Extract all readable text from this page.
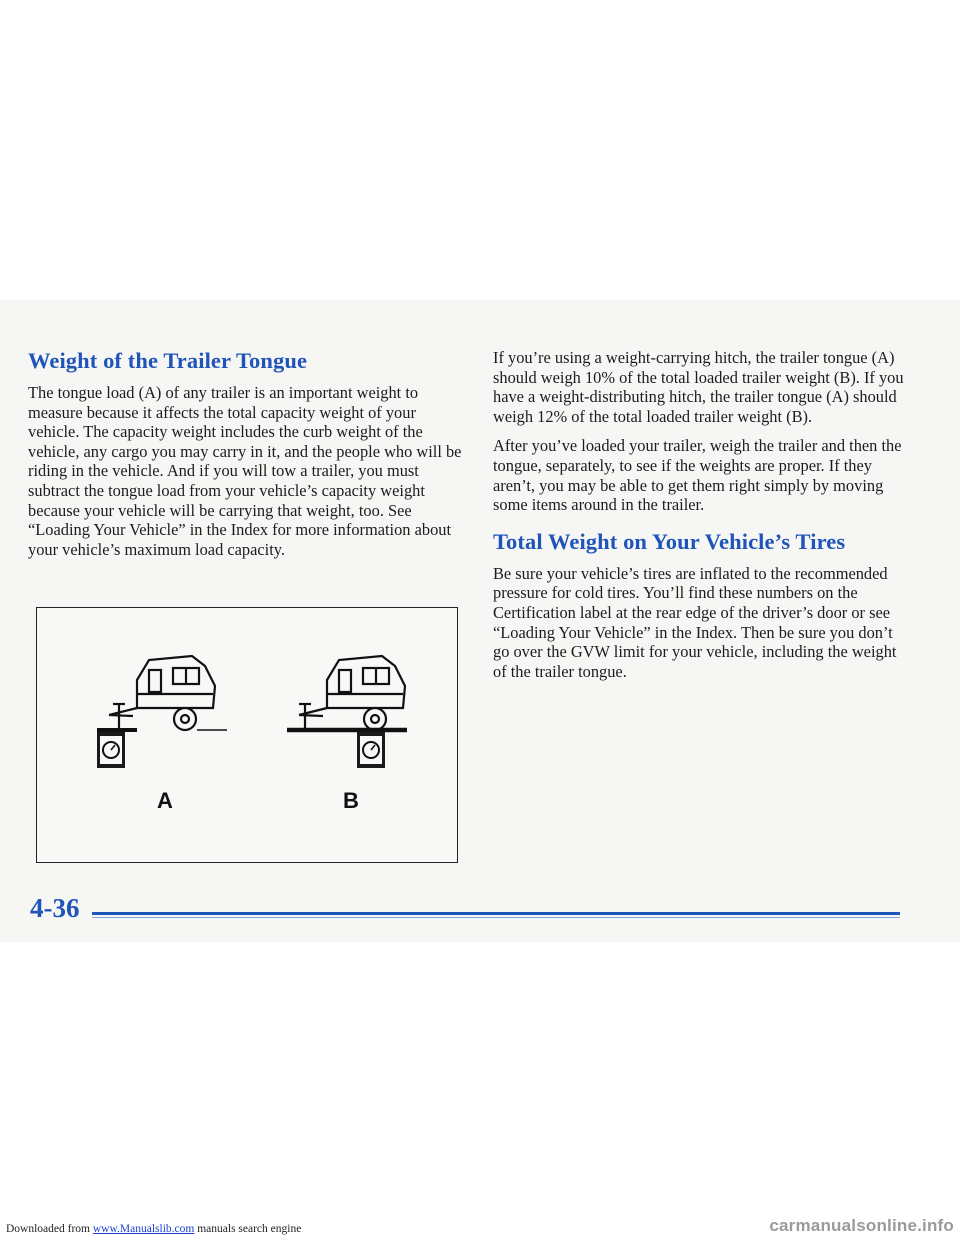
Weight of the Trailer Tongue

The tongue load (A) of any trailer is an important weight to measure because it affects the total capacity weight of your vehicle. The capacity weight includes the curb weight of the vehicle, any cargo you may carry in it, and the people who will be riding in the vehicle. And if you will tow a trailer, you must subtract the tongue load from your vehicle’s capacity weight because your vehicle will be carrying that weight, too. See “Loading Your Vehicle” in the Index for more information about your vehicle’s maximum load capacity.

A	B

If you’re using a weight-carrying hitch, the trailer tongue (A) should weigh 10% of the total loaded trailer weight (B). If you have a weight-distributing hitch, the trailer tongue (A) should weigh 12% of the total loaded trailer weight (B).

After you’ve loaded your trailer, weigh the trailer and then the tongue, separately, to see if the weights are proper. If they aren’t, you may be able to get them right simply by moving some items around in the trailer.

Total Weight on Your Vehicle’s Tires

Be sure your vehicle’s tires are inflated to the recommended pressure for cold tires. You’ll find these numbers on the Certification label at the rear edge of the driver’s door or see “Loading Your Vehicle” in the Index. Then be sure you don’t go over the GVW limit for your vehicle, including the weight of the trailer tongue.

4-36
Downloaded from www.Manualslib.com manuals search engine	carmanualsonline.info
